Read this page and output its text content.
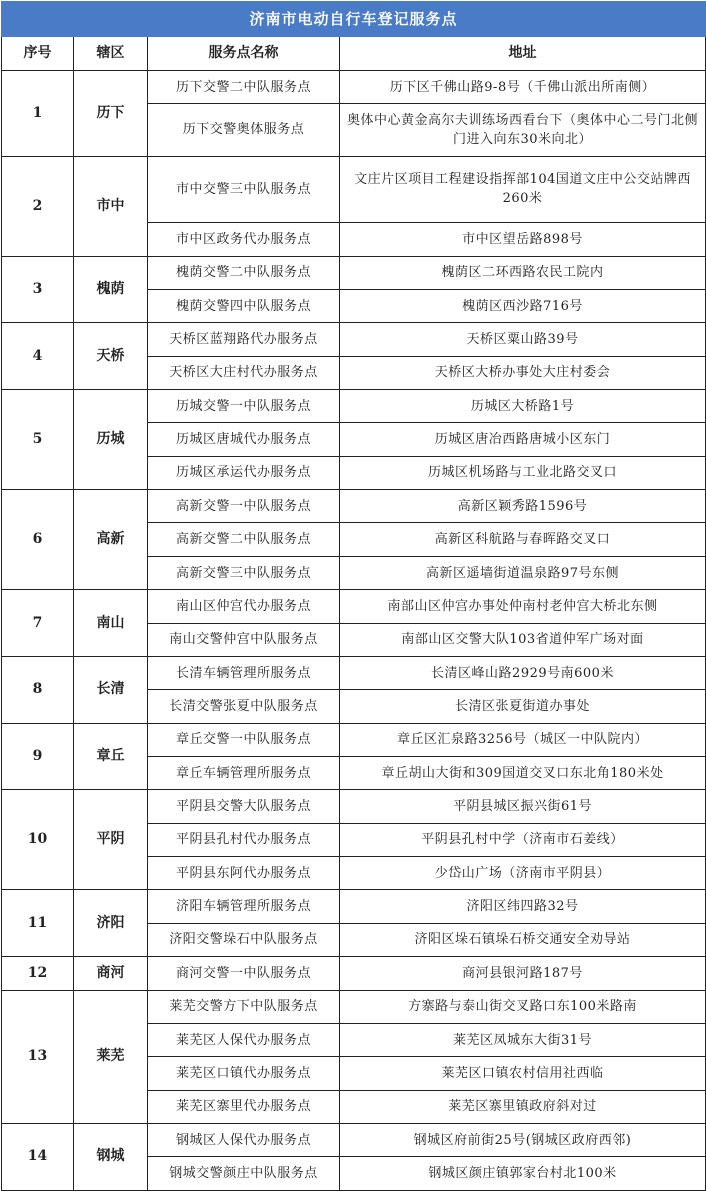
济南市电动自行车登记服务点			
序号	辖区	服务点名称	地址
1	历下	历下交警二中队服务点	历下区千佛山路9-8号（千佛山派出所南侧）
		历下交警奥体服务点	奥体中心黄金高尔夫训练场西看台下（奥体中心二号门北侧门进入向东30米向北）
2	市中	市中交警三中队服务点	文庄片区项目工程建设指挥部104国道文庄中公交站牌西260米
		市中区政务代办服务点	市中区望岳路898号
3	槐荫	槐荫交警二中队服务点	槐荫区二环西路农民工院内
		槐荫交警四中队服务点	槐荫区西沙路716号
4	天桥	天桥区蓝翔路代办服务点	天桥区粟山路39号
		天桥区大庄村代办服务点	天桥区大桥办事处大庄村委会
5	历城	历城交警一中队服务点	历城区大桥路1号
		历城区唐城代办服务点	历城区唐冶西路唐城小区东门
		历城区承运代办服务点	历城区机场路与工业北路交叉口
6	高新	高新交警一中队服务点	高新区颖秀路1596号
		高新交警二中队服务点	高新区科航路与春晖路交叉口
		高新交警三中队服务点	高新区遥墙街道温泉路97号东侧
7	南山	南山区仲宫代办服务点	南部山区仲宫办事处仲南村老仲宫大桥北东侧
		南山交警仲宫中队服务点	南部山区交警大队103省道仲军广场对面
8	长清	长清车辆管理所服务点	长清区峰山路2929号南600米
		长清交警张夏中队服务点	长清区张夏街道办事处
9	章丘	章丘交警一中队服务点	章丘区汇泉路3256号（城区一中队院内）
		章丘车辆管理所服务点	章丘胡山大街和309国道交叉口东北角180米处
10	平阴	平阴县交警大队服务点	平阴县城区振兴街61号
		平阴县孔村代办服务点	平阴县孔村中学（济南市石姜线）
		平阴县东阿代办服务点	少岱山广场（济南市平阴县）
11	济阳	济阳车辆管理所服务点	济阳区纬四路32号
		济阳交警垛石中队服务点	济阳区垛石镇垛石桥交通安全劝导站
12	商河	商河交警一中队服务点	商河县银河路187号
13	莱芜	莱芜交警方下中队服务点	方寨路与泰山街交叉路口东100米路南
		莱芜区人保代办服务点	莱芜区凤城东大街31号
		莱芜区口镇代办服务点	莱芜区口镇农村信用社西临
		莱芜区寨里代办服务点	莱芜区寨里镇政府斜对过
14	钢城	钢城区人保代办服务点	钢城区府前街25号(钢城区政府西邻)
		钢城交警颜庄中队服务点	钢城区颜庄镇郭家台村北100米
